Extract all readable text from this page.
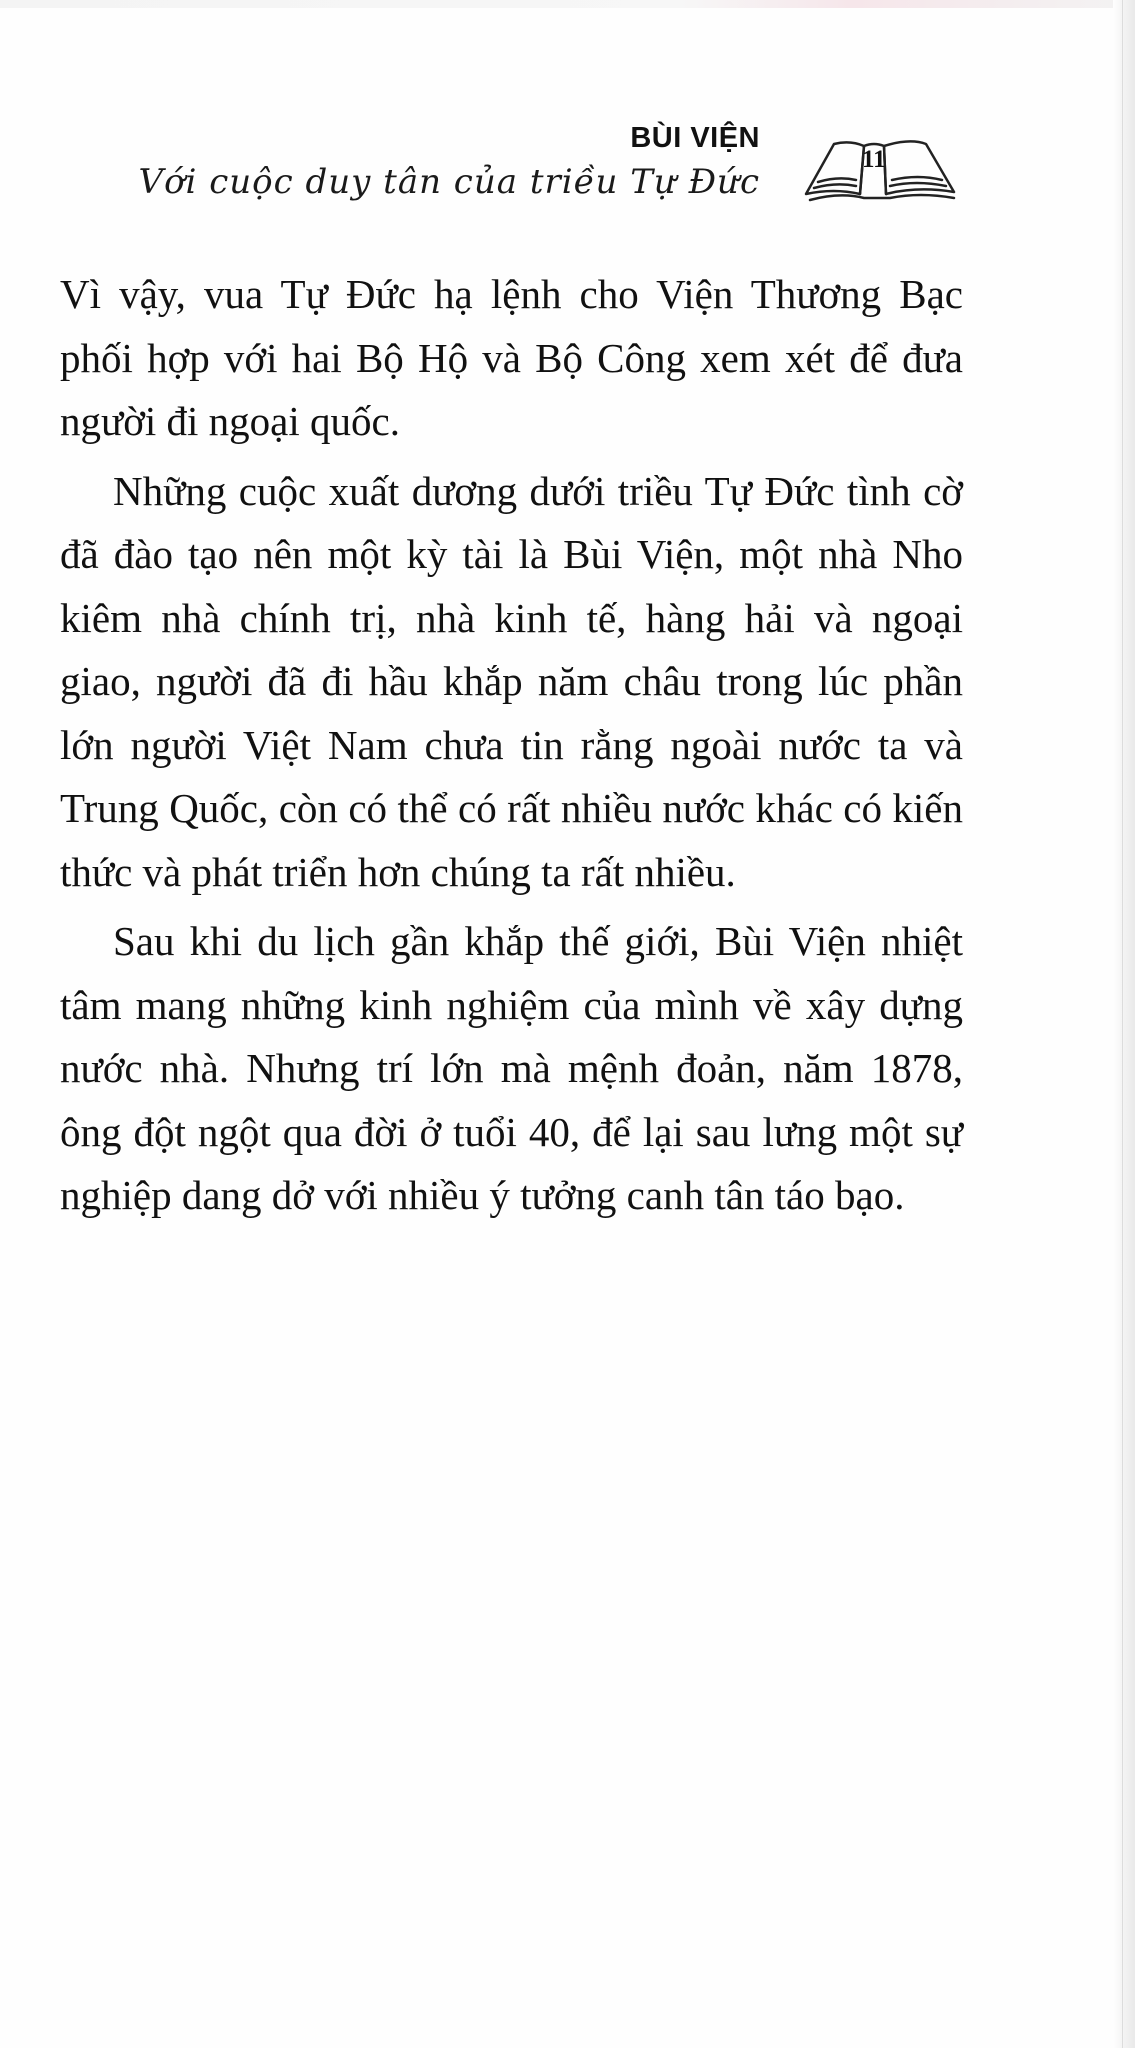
BÙI VIỆN
Với cuộc duy tân của triều Tự Đức
11

Vì vậy, vua Tự Đức hạ lệnh cho Viện Thương Bạc phối hợp với hai Bộ Hộ và Bộ Công xem xét để đưa người đi ngoại quốc.

Những cuộc xuất dương dưới triều Tự Đức tình cờ đã đào tạo nên một kỳ tài là Bùi Viện, một nhà Nho kiêm nhà chính trị, nhà kinh tế, hàng hải và ngoại giao, người đã đi hầu khắp năm châu trong lúc phần lớn người Việt Nam chưa tin rằng ngoài nước ta và Trung Quốc, còn có thể có rất nhiều nước khác có kiến thức và phát triển hơn chúng ta rất nhiều.

Sau khi du lịch gần khắp thế giới, Bùi Viện nhiệt tâm mang những kinh nghiệm của mình về xây dựng nước nhà. Nhưng trí lớn mà mệnh đoản, năm 1878, ông đột ngột qua đời ở tuổi 40, để lại sau lưng một sự nghiệp dang dở với nhiều ý tưởng canh tân táo bạo.
